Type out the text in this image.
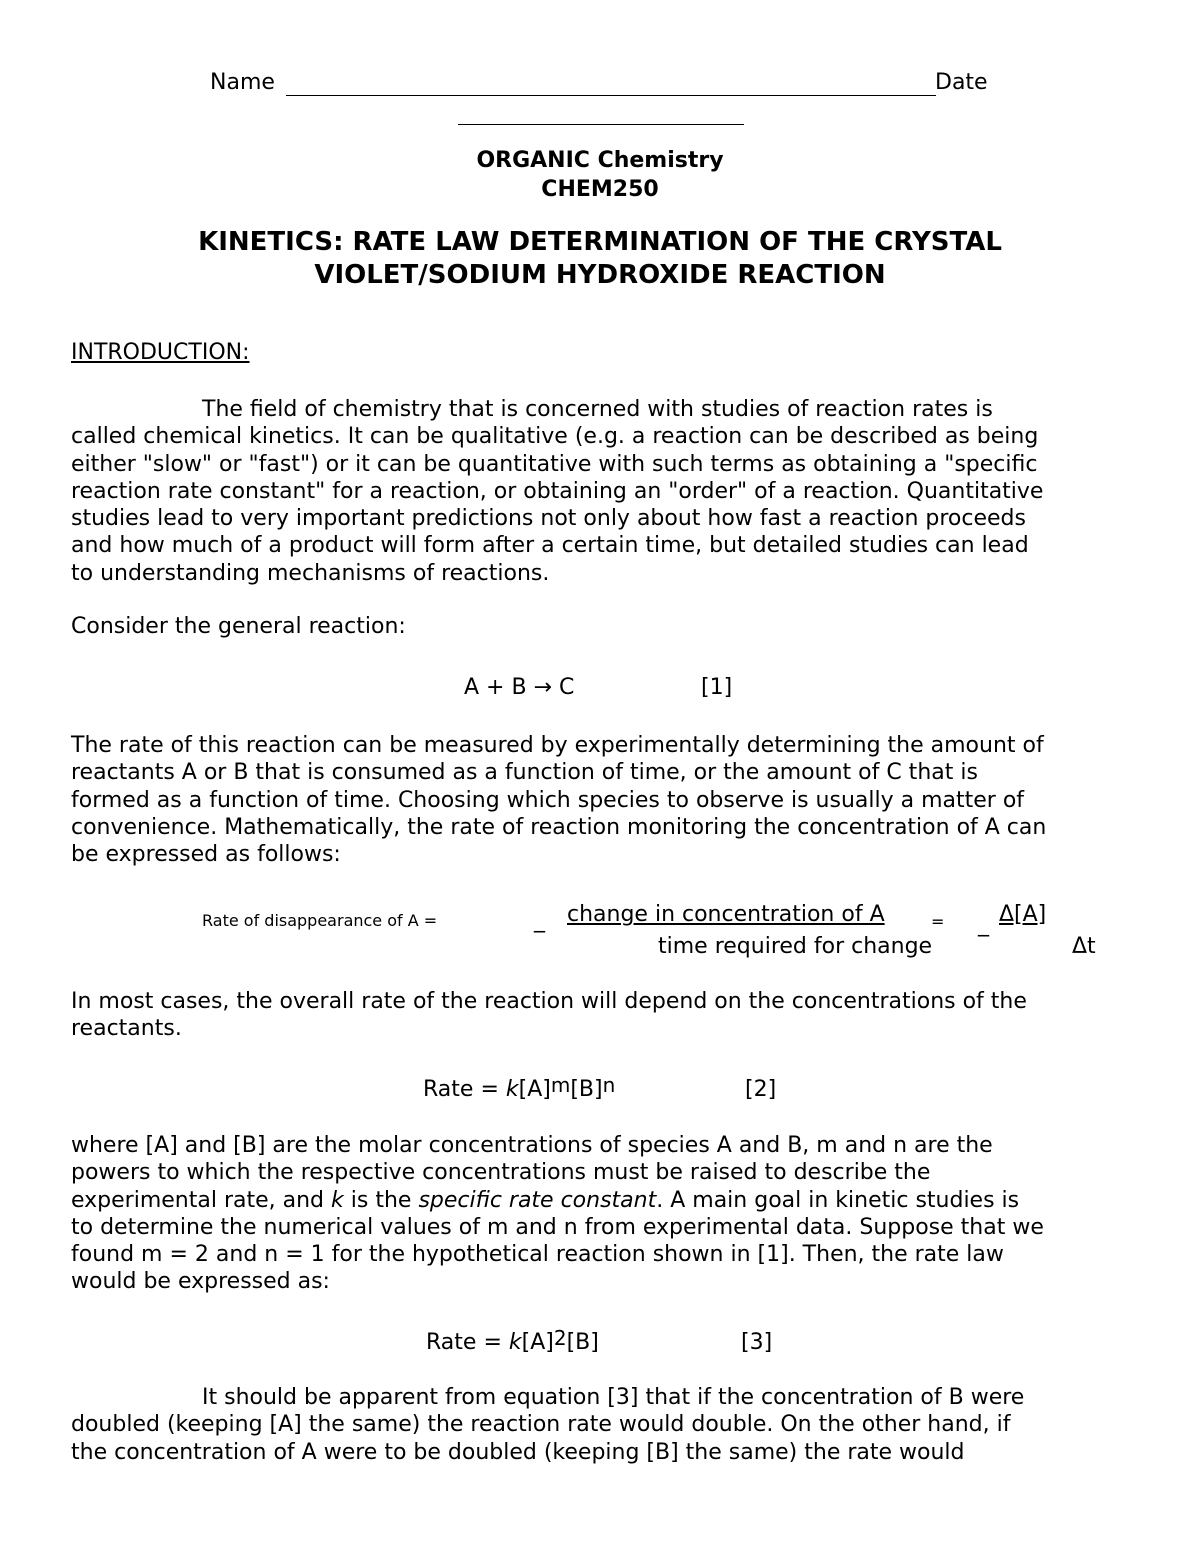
Name	Date
ORGANIC Chemistry
CHEM250
KINETICS: RATE LAW DETERMINATION OF THE CRYSTAL
VIOLET/SODIUM HYDROXIDE REACTION
INTRODUCTION:
The field of chemistry that is concerned with studies of reaction rates is
called chemical kinetics. It can be qualitative (e.g. a reaction can be described as being
either "slow" or "fast") or it can be quantitative with such terms as obtaining a "specific
reaction rate constant" for a reaction, or obtaining an "order" of a reaction. Quantitative
studies lead to very important predictions not only about how fast a reaction proceeds
and how much of a product will form after a certain time, but detailed studies can lead
to understanding mechanisms of reactions.
Consider the general reaction:
A + B → C	[1]
The rate of this reaction can be measured by experimentally determining the amount of
reactants A or B that is consumed as a function of time, or the amount of C that is
formed as a function of time. Choosing which species to observe is usually a matter of
convenience. Mathematically, the rate of reaction monitoring the concentration of A can
be expressed as follows:
Rate of disappearance of A =	_ change in concentration of A
time required for change
= _ Δ[A]
Δt
In most cases, the overall rate of the reaction will depend on the concentrations of the
reactants.
Rate = $k[A]^m[B]^n$	[2]
where [A] and [B] are the molar concentrations of species A and B, m and n are the
powers to which the respective concentrations must be raised to describe the
experimental rate, and k is the specific rate constant. A main goal in kinetic studies is
to determine the numerical values of m and n from experimental data. Suppose that we
found m = 2 and n = 1 for the hypothetical reaction shown in [1]. Then, the rate law
would be expressed as:
Rate = $k[A]^2[B]$	[3]
It should be apparent from equation [3] that if the concentration of B were
doubled (keeping [A] the same) the reaction rate would double. On the other hand, if
the concentration of A were to be doubled (keeping [B] the same) the rate would
